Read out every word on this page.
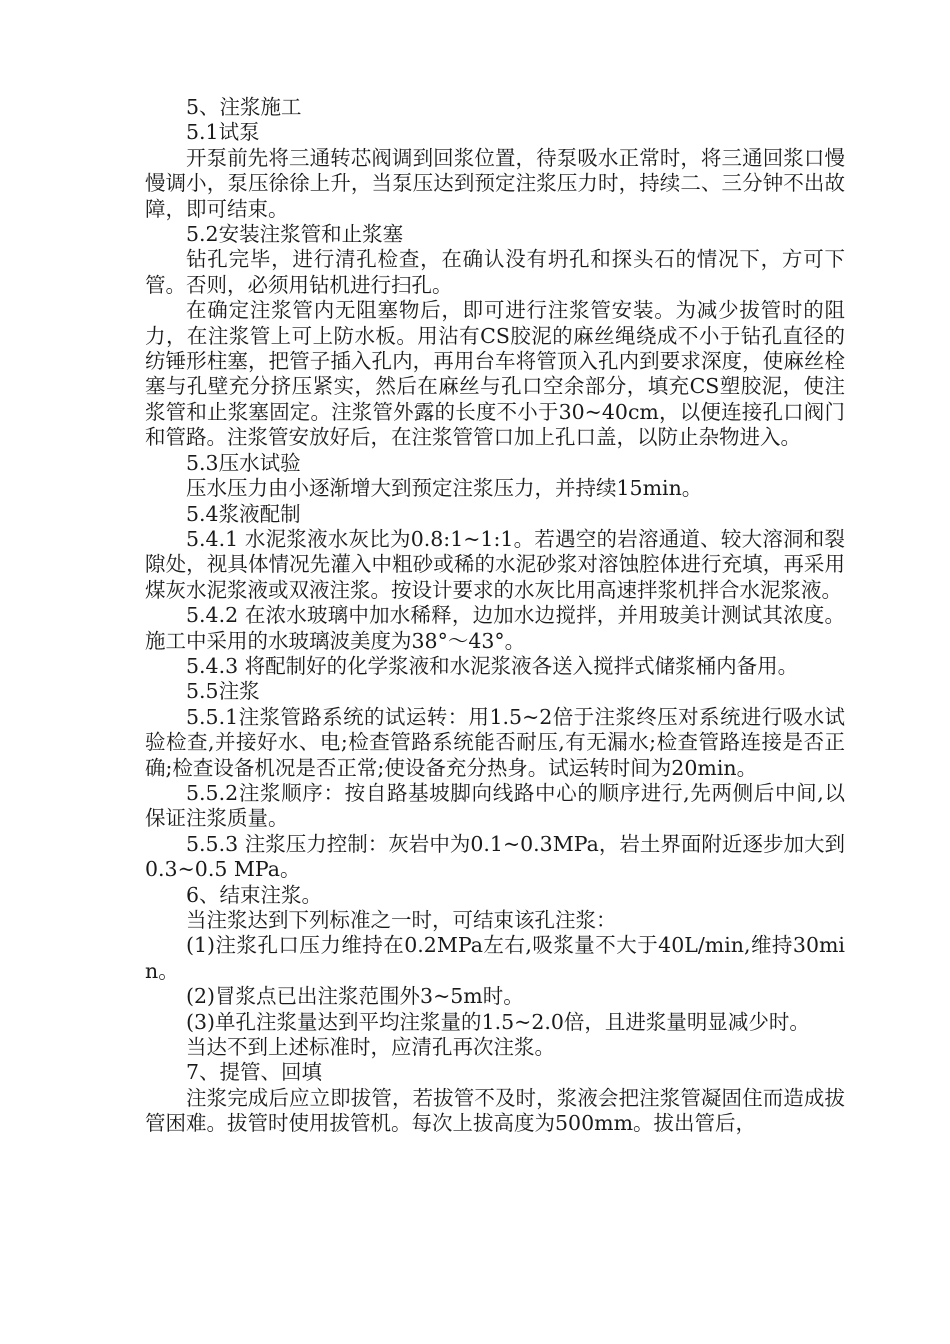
5、注浆施工

5.1试泵

开泵前先将三通转芯阀调到回浆位置，待泵吸水正常时，将三通回浆口慢慢调小，泵压徐徐上升，当泵压达到预定注浆压力时，持续二、三分钟不出故障，即可结束。

5.2安装注浆管和止浆塞

钻孔完毕，进行清孔检查，在确认没有坍孔和探头石的情况下，方可下管。否则，必须用钻机进行扫孔。

在确定注浆管内无阻塞物后，即可进行注浆管安装。为减少拔管时的阻力，在注浆管上可上防水板。用沾有CS胶泥的麻丝绳绕成不小于钻孔直径的纺锤形柱塞，把管子插入孔内，再用台车将管顶入孔内到要求深度，使麻丝栓塞与孔壁充分挤压紧实，然后在麻丝与孔口空余部分，填充CS塑胶泥，使注浆管和止浆塞固定。注浆管外露的长度不小于30~40cm，以便连接孔口阀门和管路。注浆管安放好后，在注浆管管口加上孔口盖，以防止杂物进入。

5.3压水试验

压水压力由小逐渐增大到预定注浆压力，并持续15min。

5.4浆液配制

5.4.1 水泥浆液水灰比为0.8:1~1:1。若遇空的岩溶通道、较大溶洞和裂隙处，视具体情况先灌入中粗砂或稀的水泥砂浆对溶蚀腔体进行充填，再采用煤灰水泥浆液或双液注浆。按设计要求的水灰比用高速拌浆机拌合水泥浆液。

5.4.2 在浓水玻璃中加水稀释，边加水边搅拌，并用玻美计测试其浓度。施工中采用的水玻璃波美度为38°～43°。

5.4.3 将配制好的化学浆液和水泥浆液各送入搅拌式储浆桶内备用。

5.5注浆

5.5.1注浆管路系统的试运转：用1.5~2倍于注浆终压对系统进行吸水试验检查,并接好水、电;检查管路系统能否耐压,有无漏水;检查管路连接是否正确;检查设备机况是否正常;使设备充分热身。试运转时间为20min。

5.5.2注浆顺序：按自路基坡脚向线路中心的顺序进行,先两侧后中间,以保证注浆质量。

5.5.3 注浆压力控制：灰岩中为0.1~0.3MPa，岩土界面附近逐步加大到0.3~0.5 MPa。

6、结束注浆。

当注浆达到下列标准之一时，可结束该孔注浆：

(1)注浆孔口压力维持在0.2MPa左右,吸浆量不大于40L/min,维持30min。

(2)冒浆点已出注浆范围外3~5m时。

(3)单孔注浆量达到平均注浆量的1.5~2.0倍，且进浆量明显减少时。

当达不到上述标准时，应清孔再次注浆。

7、提管、回填

注浆完成后应立即拔管，若拔管不及时，浆液会把注浆管凝固住而造成拔管困难。拔管时使用拔管机。每次上拔高度为500mm。拔出管后，
